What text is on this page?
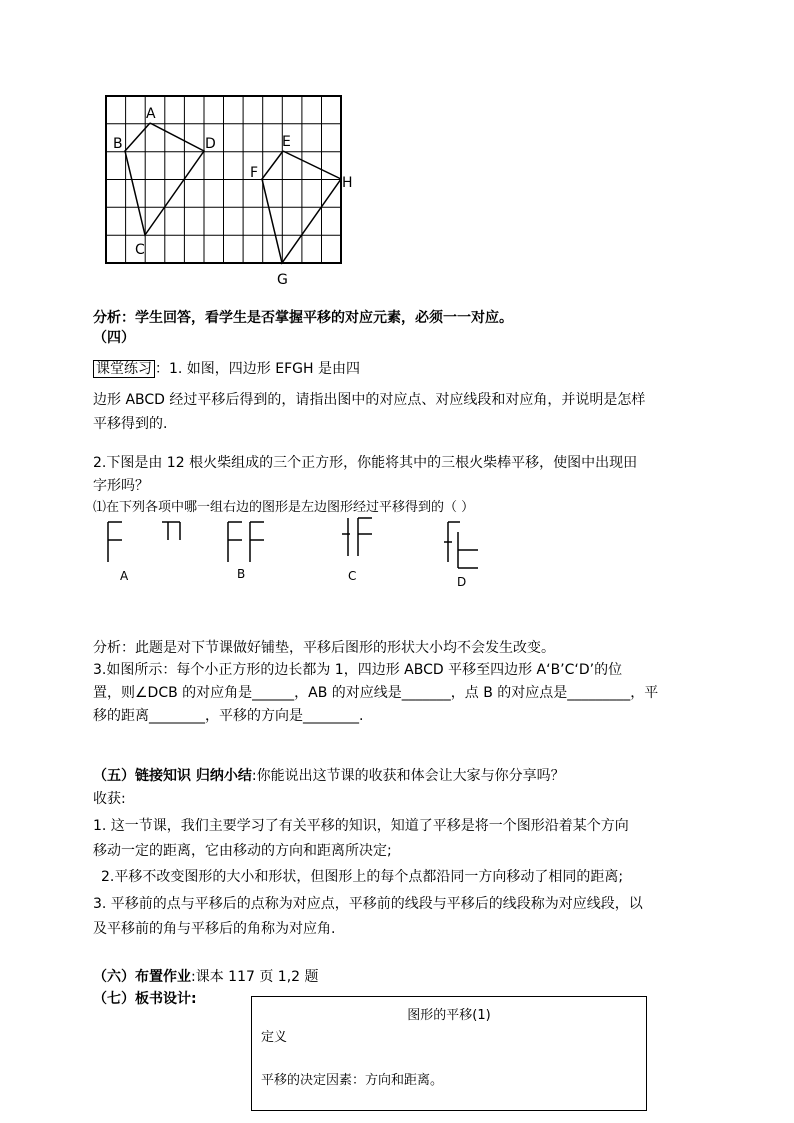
A
B
C
D	E
F
G
H
分析：学生回答，看学生是否掌握平移的对应元素，必须一一对应。
（四）
课堂练习 ：1. 如图，四边形 EFGH 是由四
边形 ABCD 经过平移后得到的，请指出图中的对应点、对应线段和对应角，并说明是怎样
平移得到的.
2.下图是由 12 根火柴组成的三个正方形，你能将其中的三根火柴棒平移，使图中出现田
字形吗？
⑴在下列各项中哪一组右边的图形是左边图形经过平移得到的（ ）
A	B	C	D
分析：此题是对下节课做好铺垫，平移后图形的形状大小均不会发生改变。
3.如图所示：每个小正方形的边长都为 1，四边形 ABCD 平移至四边形 A‘B’C‘D’的位
置，则∠DCB 的对应角是______，AB 的对应线是_______，点 B 的对应点是_________，平
移的距离________，平移的方向是________.
（五）链接知识 归纳小结:你能说出这节课的收获和体会让大家与你分享吗？
收获:
1. 这一节课，我们主要学习了有关平移的知识，知道了平移是将一个图形沿着某个方向
移动一定的距离，它由移动的方向和距离所决定;
2.平移不改变图形的大小和形状，但图形上的每个点都沿同一方向移动了相同的距离;
3. 平移前的点与平移后的点称为对应点，平移前的线段与平移后的线段称为对应线段，以
及平移前的角与平移后的角称为对应角.
（六）布置作业:课本 117 页 1,2 题
（七）板书设计:
图形的平移(1)
定义
平移的决定因素：方向和距离。
